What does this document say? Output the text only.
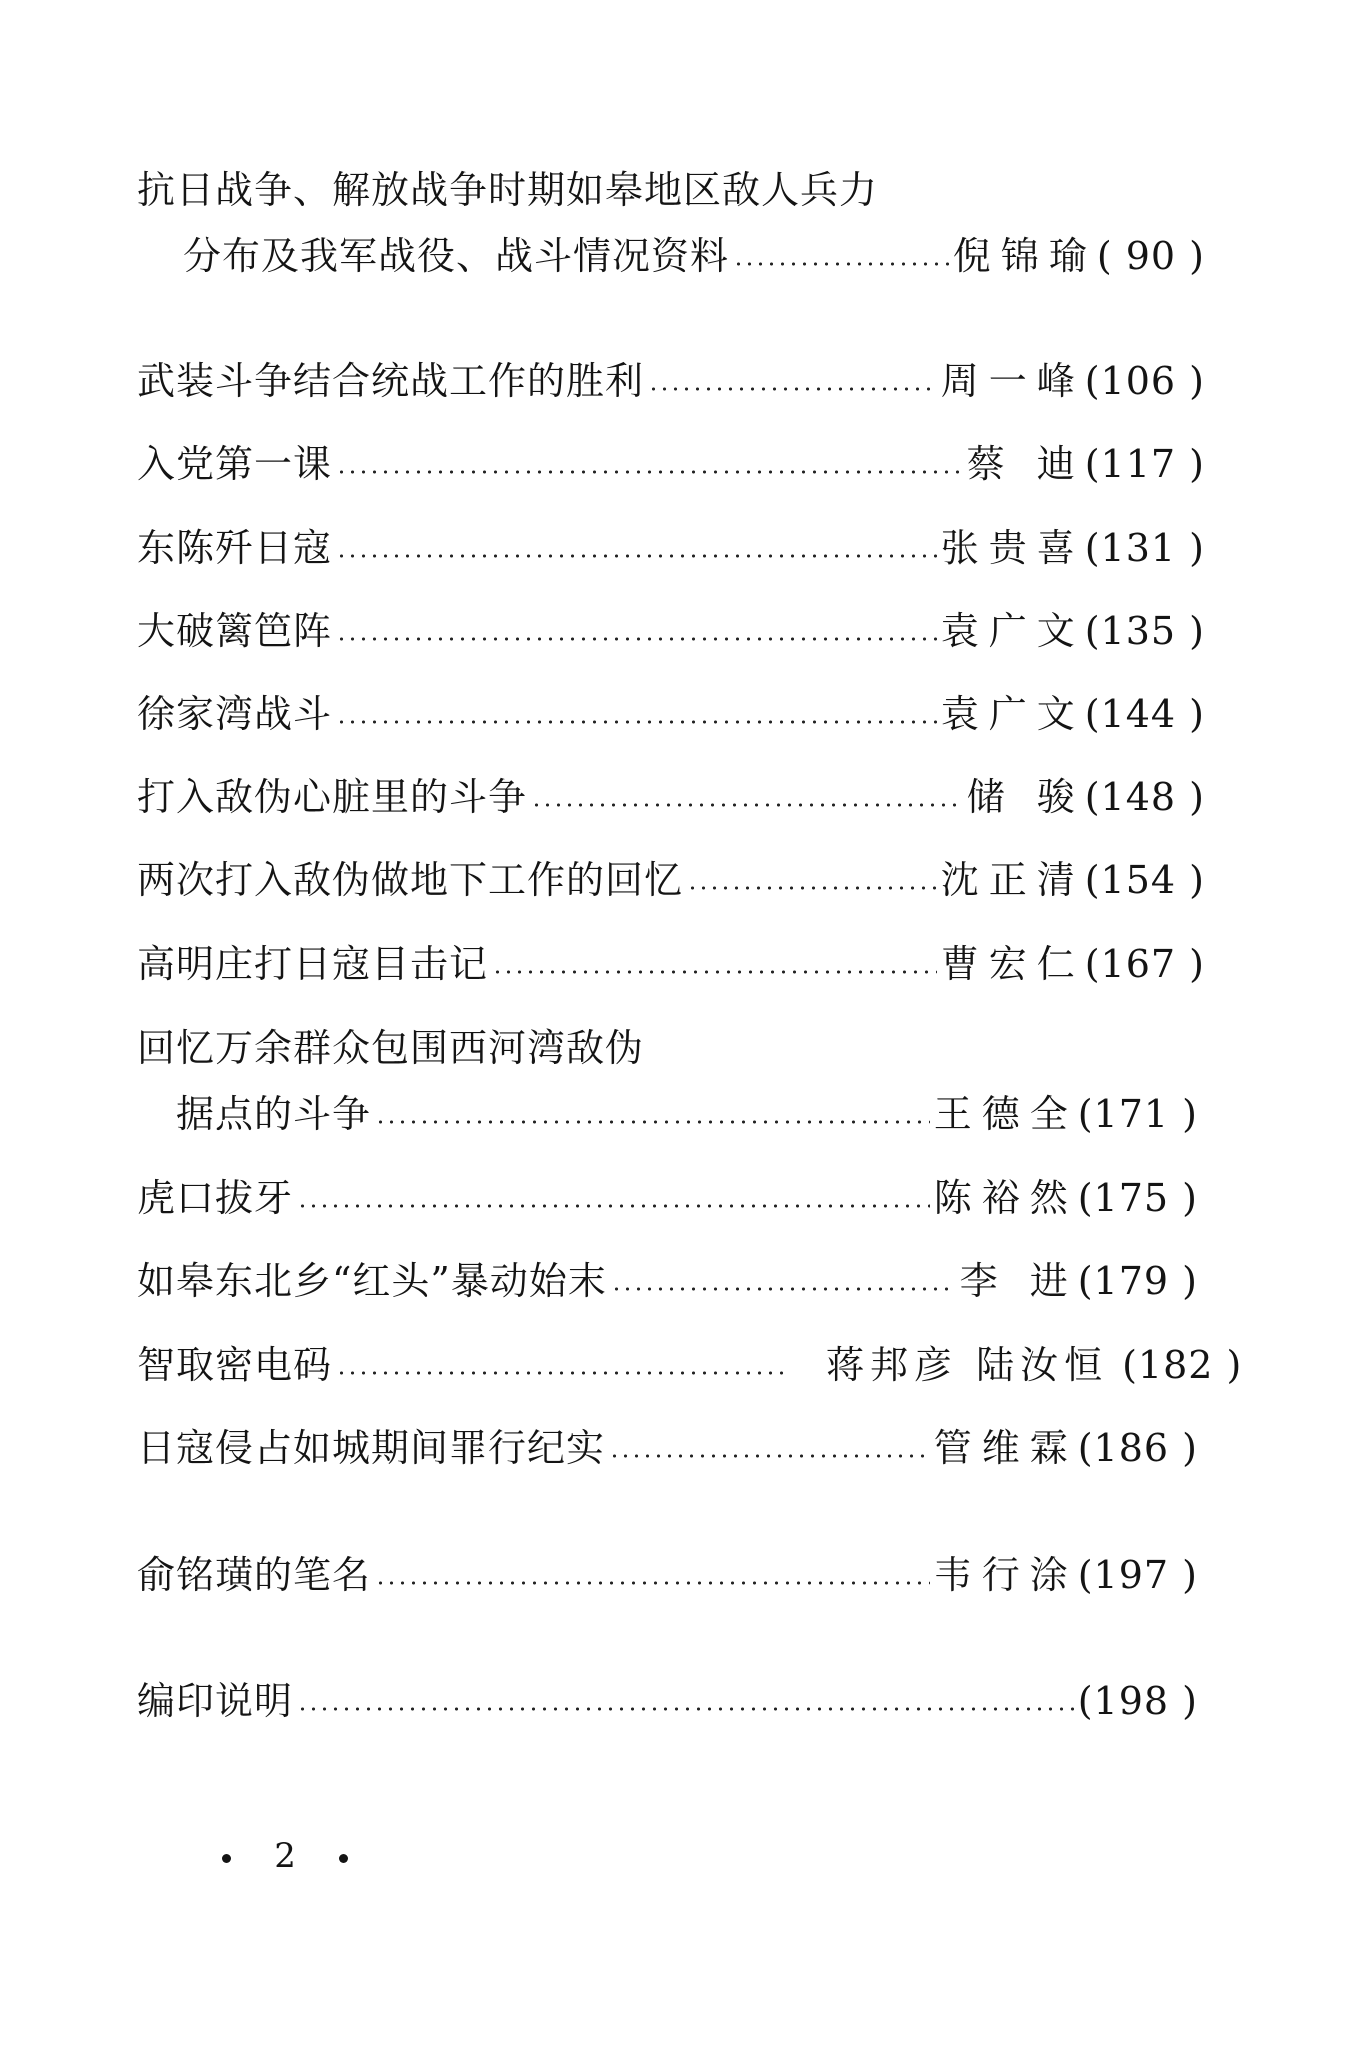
抗日战争、解放战争时期如皋地区敌人兵力
分布及我军战役、战斗情况资料	倪锦瑜 ( 90 )
武装斗争结合统战工作的胜利	周一峰 (106 )
入党第一课	蔡 迪 (117 )
东陈歼日寇	张贵喜 (131 )
大破篱笆阵	袁广文 (135 )
徐家湾战斗	袁广文 (144 )
打入敌伪心脏里的斗争	储 骏 (148 )
两次打入敌伪做地下工作的回忆	沈正清 (154 )
高明庄打日寇目击记	曹宏仁 (167 )
回忆万余群众包围西河湾敌伪
据点的斗争	王德全 (171 )
虎口拔牙	陈裕然 (175 )
如皋东北乡“红头”暴动始末	李 进 (179 )
智取密电码	蒋邦彦 陆汝恒 (182 )
日寇侵占如城期间罪行纪实	管维霖 (186 )
俞铭璜的笔名	韦行涂 (197 )
编印说明	(198 )
2
